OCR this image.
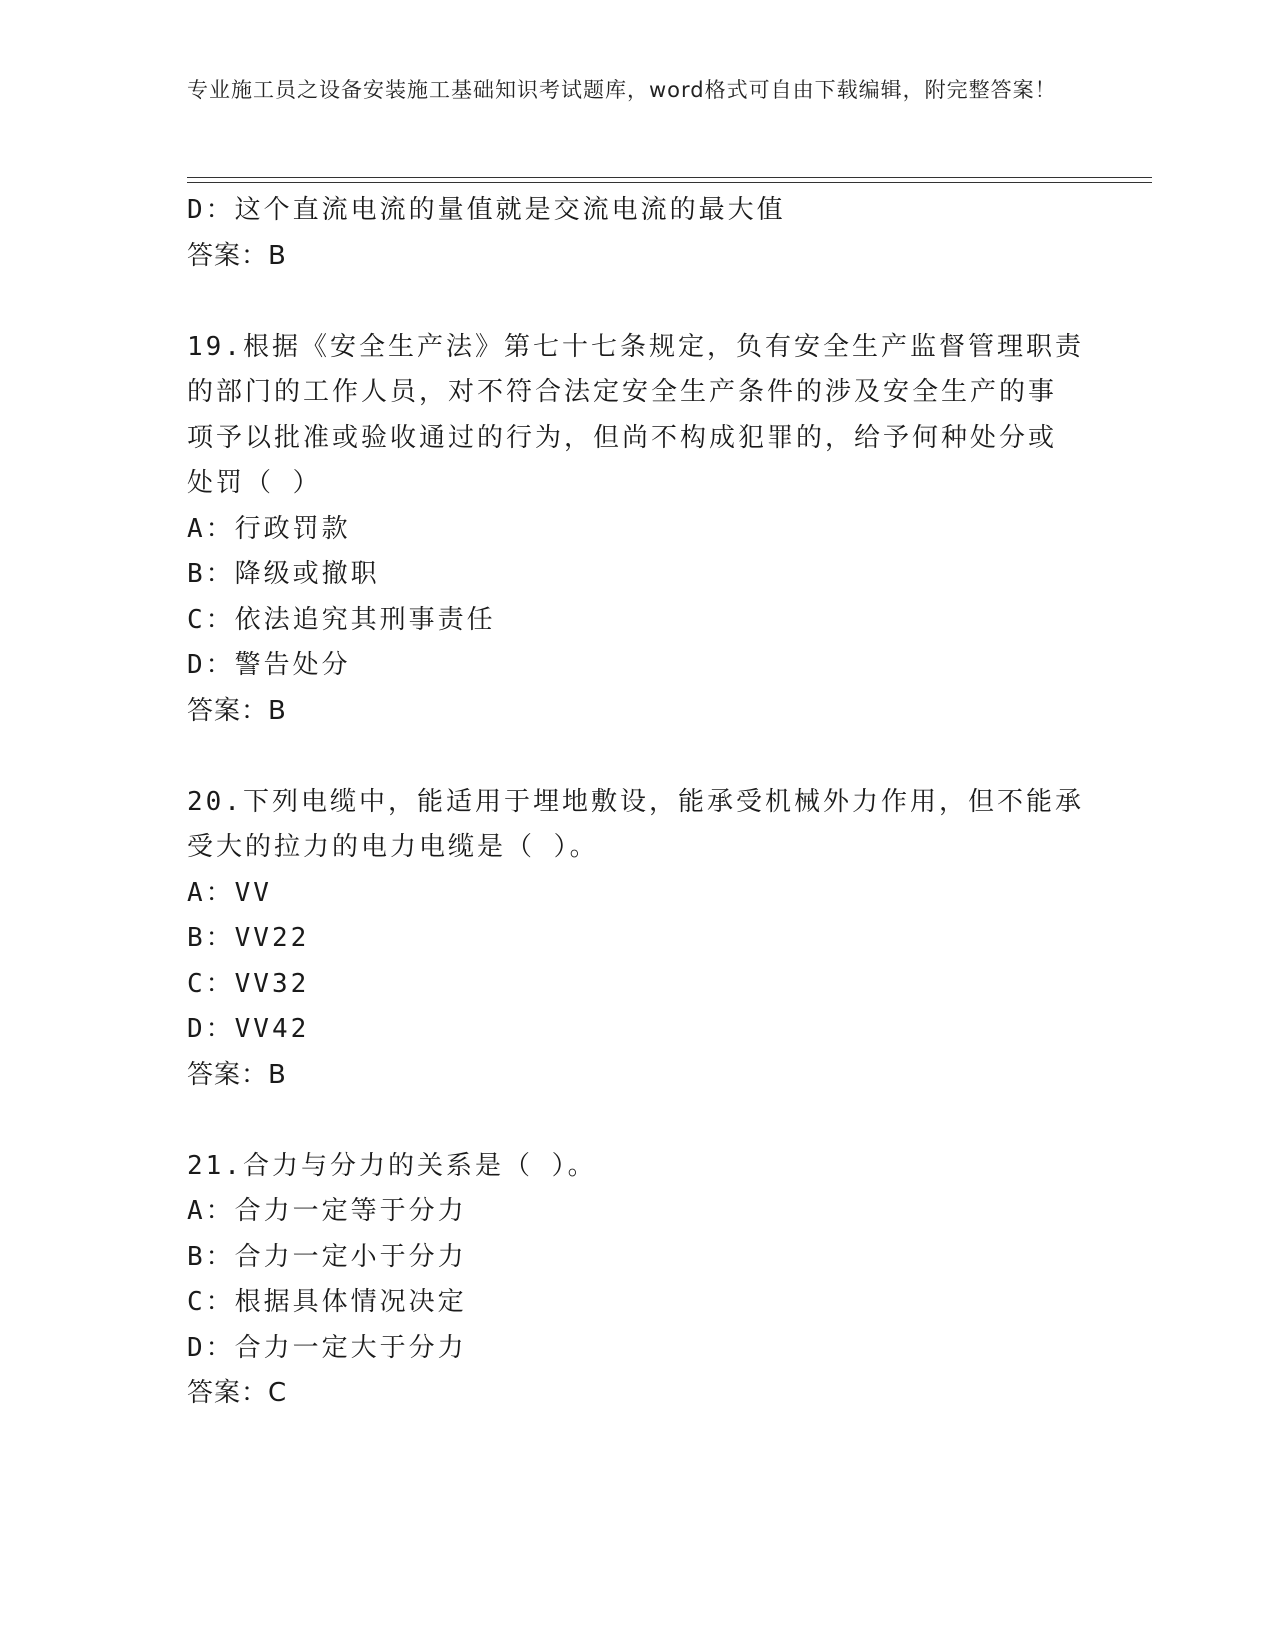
专业施工员之设备安装施工基础知识考试题库，word格式可自由下载编辑，附完整答案！
D：这个直流电流的量值就是交流电流的最大值
答案：B
19.根据《安全生产法》第七十七条规定，负有安全生产监督管理职责
的部门的工作人员，对不符合法定安全生产条件的涉及安全生产的事
项予以批准或验收通过的行为，但尚不构成犯罪的，给予何种处分或
处罚（ ）
A：行政罚款
B：降级或撤职
C：依法追究其刑事责任
D：警告处分
答案：B
20.下列电缆中，能适用于埋地敷设，能承受机械外力作用，但不能承
受大的拉力的电力电缆是（ ）。
A：VV
B：VV22
C：VV32
D：VV42
答案：B
21.合力与分力的关系是（ ）。
A：合力一定等于分力
B：合力一定小于分力
C：根据具体情况决定
D：合力一定大于分力
答案：C
